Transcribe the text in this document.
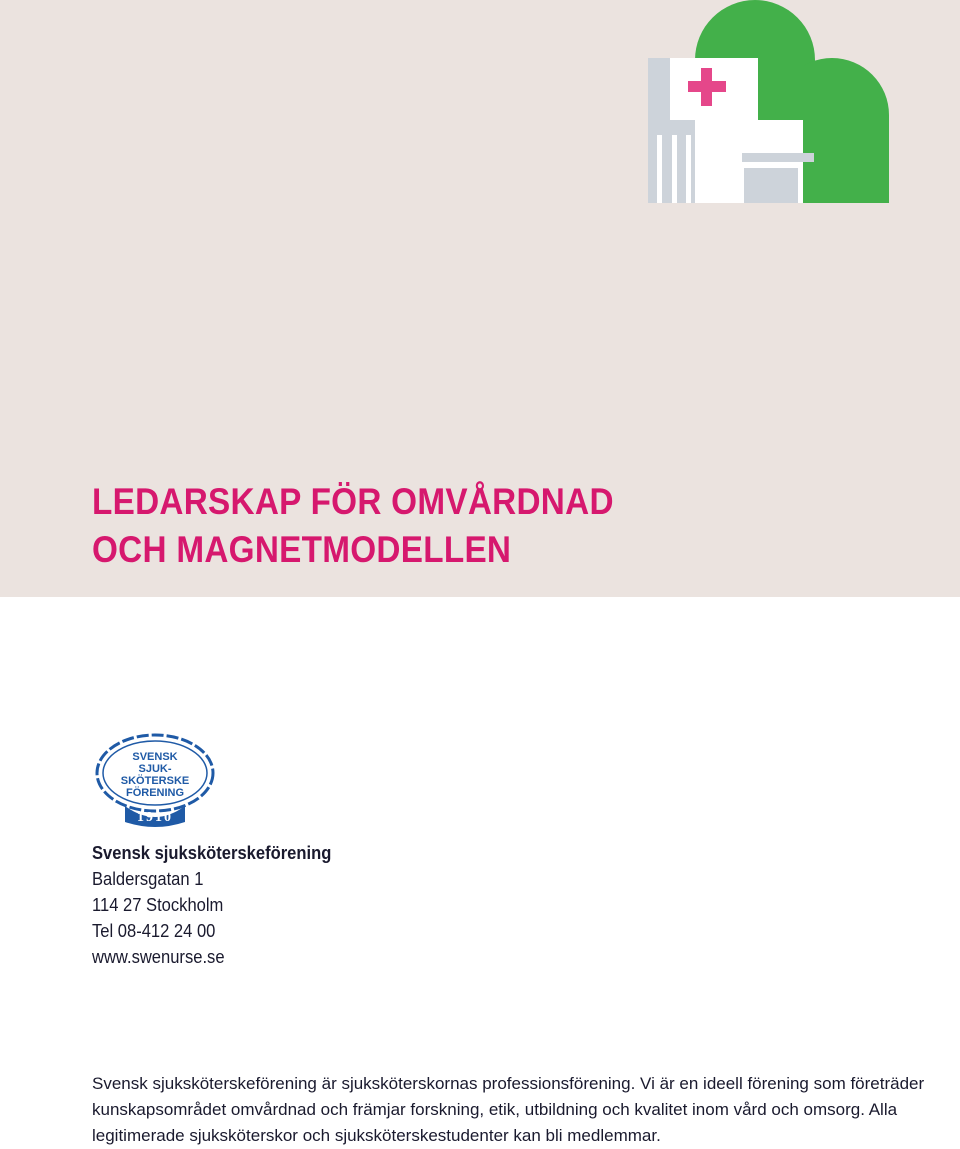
LEDARSKAP FÖR OMVÅRDNAD
OCH MAGNETMODELLEN
SVENSK
SJUK-
SKÖTERSKE
FÖRENING
1910
Svensk sjuksköterskeförening
Baldersgatan 1
114 27 Stockholm
Tel 08-412 24 00
www.swenurse.se

Svensk sjuksköterskeförening är sjuksköterskornas professionsförening. Vi är en ideell förening som företräder kunskapsområdet omvårdnad och främjar forskning, etik, utbildning och kvalitet inom vård och omsorg. Alla legitimerade sjuksköterskor och sjuksköterskestudenter kan bli medlemmar.
